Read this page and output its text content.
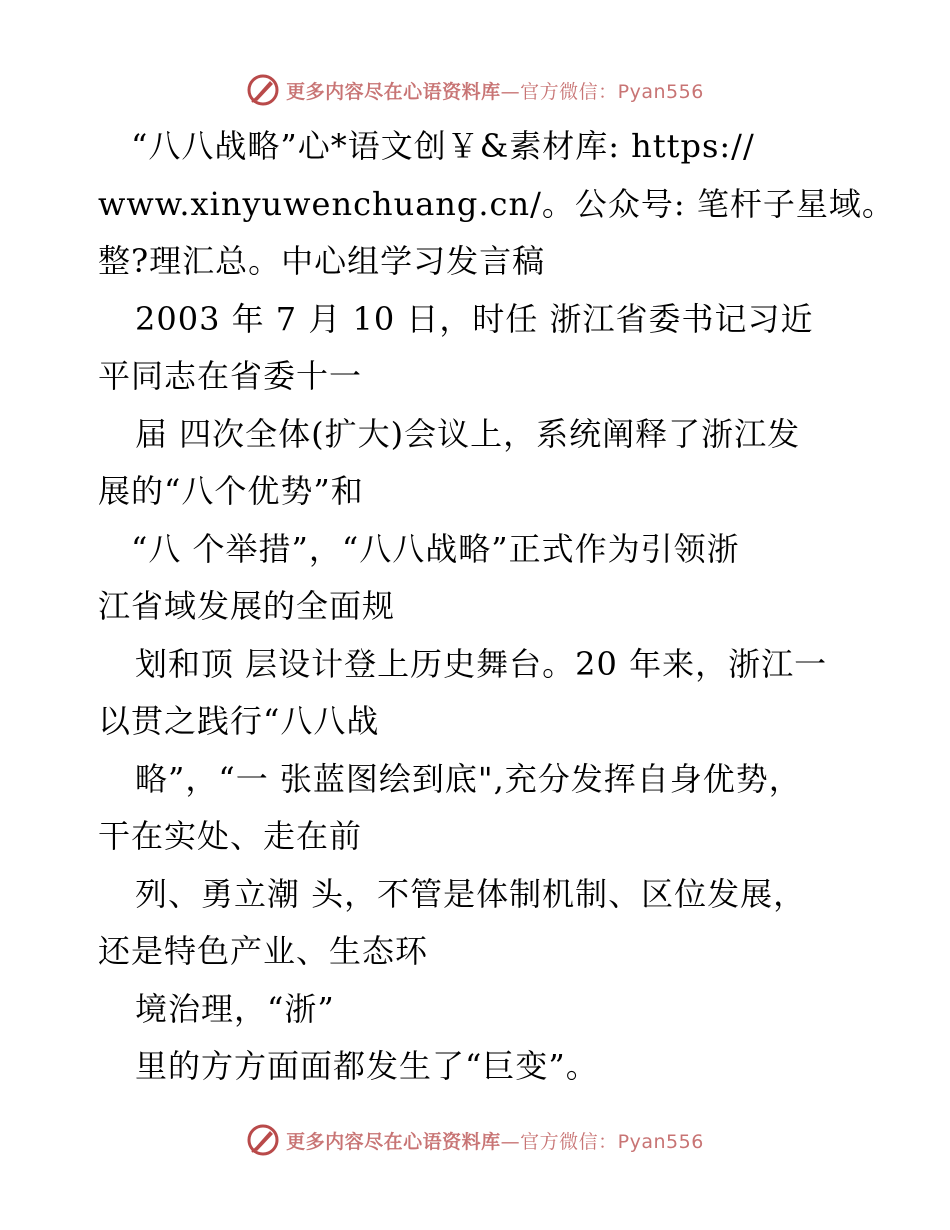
更多内容尽在心语资料库—官方微信：Pyan556
“八八战略”心*语文创￥&素材库: https://
www.xinyuwenchuang.cn/。公众号: 笔杆子星域。
整?理汇总。中心组学习发言稿
2003 年 7 月 10 日，时任 浙江省委书记习近
平同志在省委十一
届 四次全体(扩大)会议上，系统阐释了浙江发
展的“八个优势”和
“八 个举措”，“八八战略”正式作为引领浙
江省域发展的全面规
划和顶 层设计登上历史舞台。20 年来，浙江一
以贯之践行“八八战
略”，“一 张蓝图绘到底",充分发挥自身优势，
干在实处、走在前
列、勇立潮 头，不管是体制机制、区位发展，
还是特色产业、生态环
境治理，“浙”
里的方方面面都发生了“巨变”。
更多内容尽在心语资料库—官方微信：Pyan556
